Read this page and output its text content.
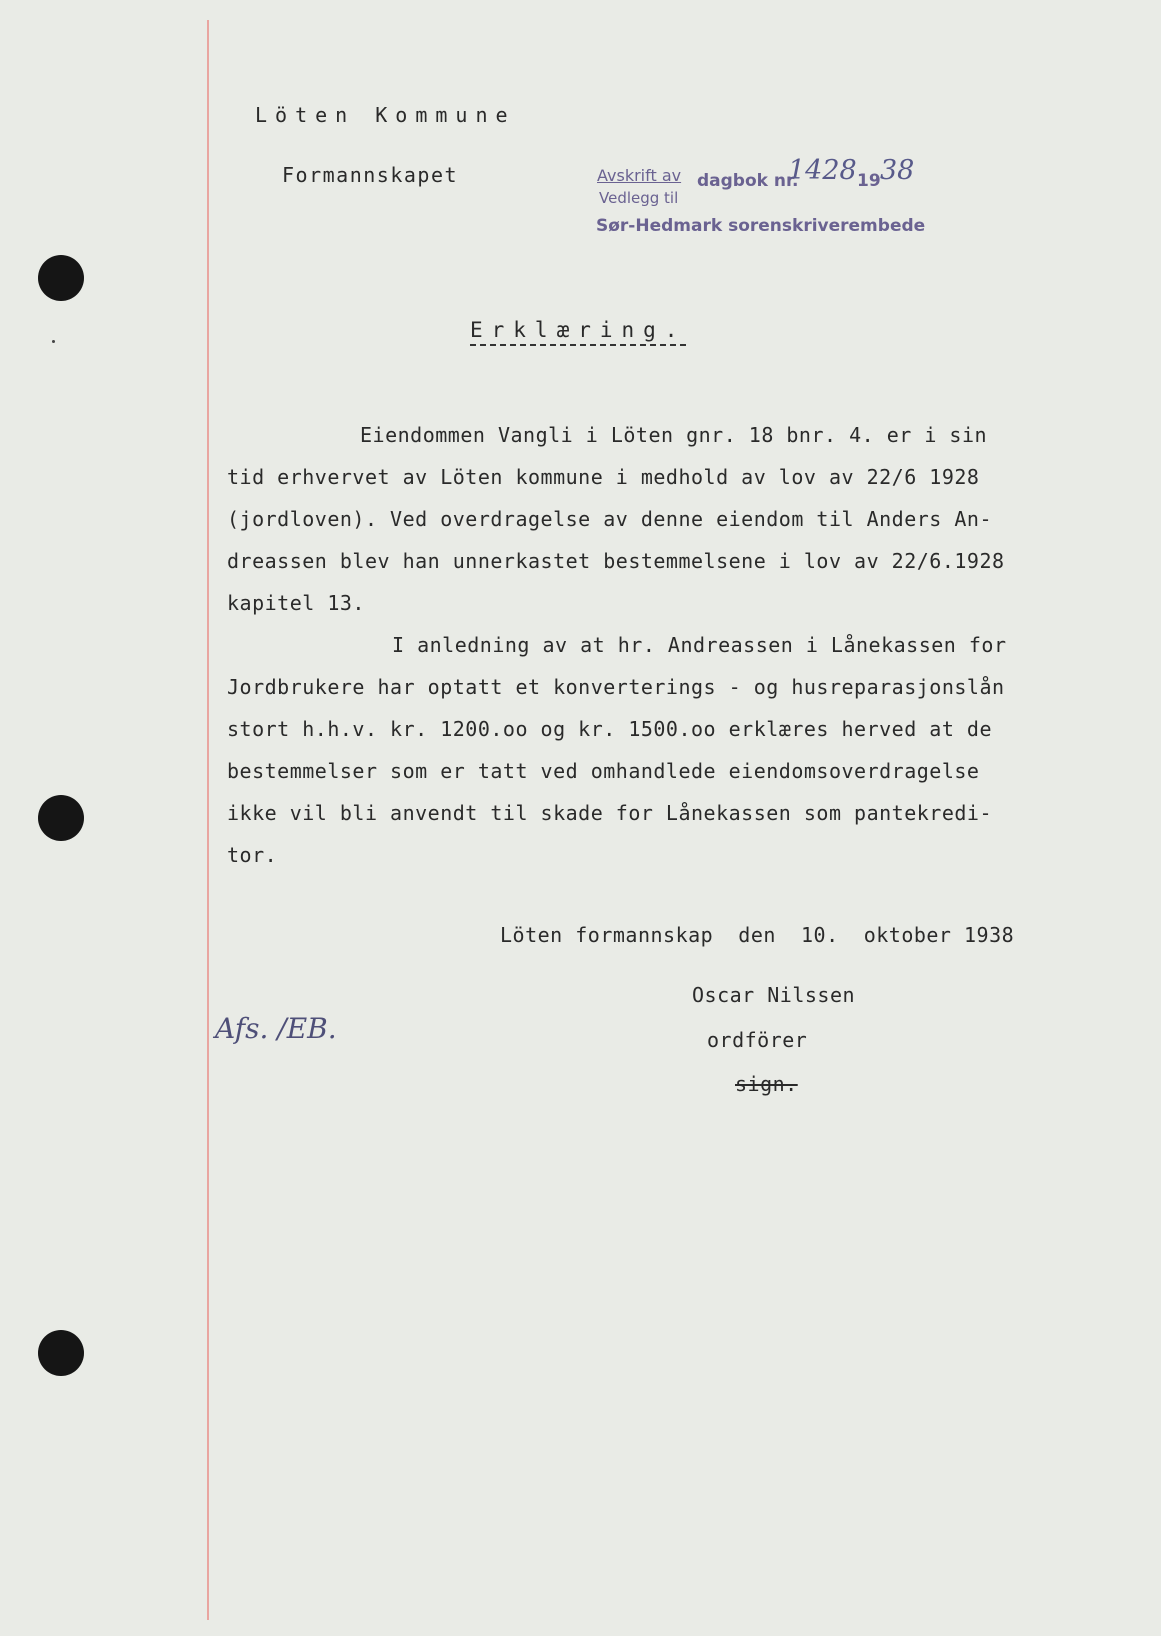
Löten Kommune
Formannskapet	Avskrift av dagbok nr.
1428 19 38
Vedlegg til
Sør-Hedmark sorenskriverembede
Erklæring.
Eiendommen Vangli i Löten gnr. 18 bnr. 4. er i sin
tid erhvervet av Löten kommune i medhold av lov av 22/6 1928
(jordloven). Ved overdragelse av denne eiendom til Anders An-
dreassen blev han unnerkastet bestemmelsene i lov av 22/6.1928
kapitel 13.
I anledning av at hr. Andreassen i Lånekassen for
Jordbrukere har optatt et konverterings - og husreparasjonslån
stort h.h.v. kr. 1200.oo og kr. 1500.oo erklæres herved at de
bestemmelser som er tatt ved omhandlede eiendomsoverdragelse
ikke vil bli anvendt til skade for Lånekassen som pantekredi-
tor.
Löten formannskap  den  10.  oktober 1938
Oscar Nilssen
ordförer
sign.
Afs. /EB.
